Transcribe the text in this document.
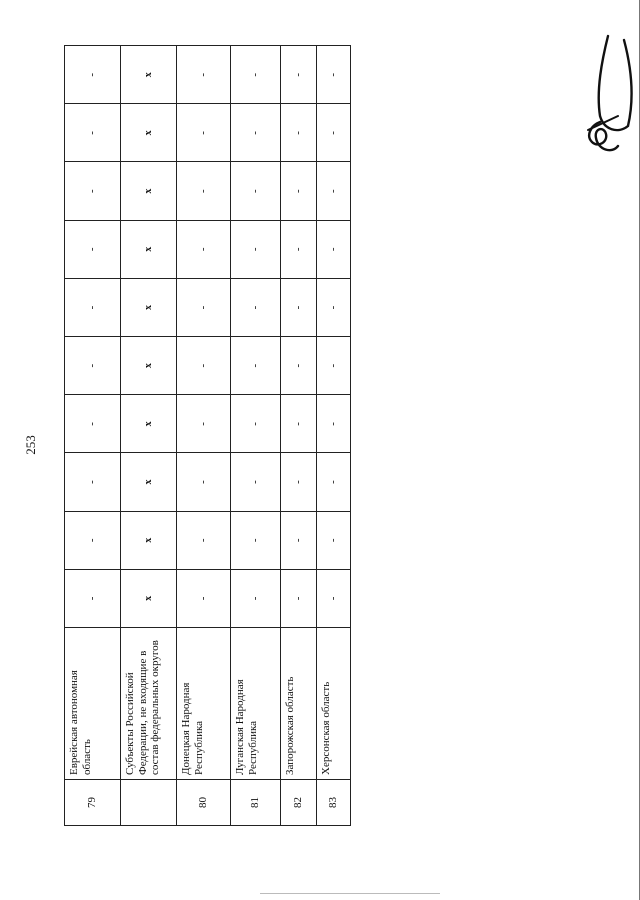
253
79	Еврейская автономная область	-	-	-	-	-	-	-	-	-	-
	Субъекты Российской Федерации, не входящие в состав федеральных округов	x	x	x	x	x	x	x	x	x	x
80	Донецкая Народная Республика	-	-	-	-	-	-	-	-	-	-
81	Луганская Народная Республика	-	-	-	-	-	-	-	-	-	-
82	Запорожская область	-	-	-	-	-	-	-	-	-	-
83	Херсонская область	-	-	-	-	-	-	-	-	-	-
